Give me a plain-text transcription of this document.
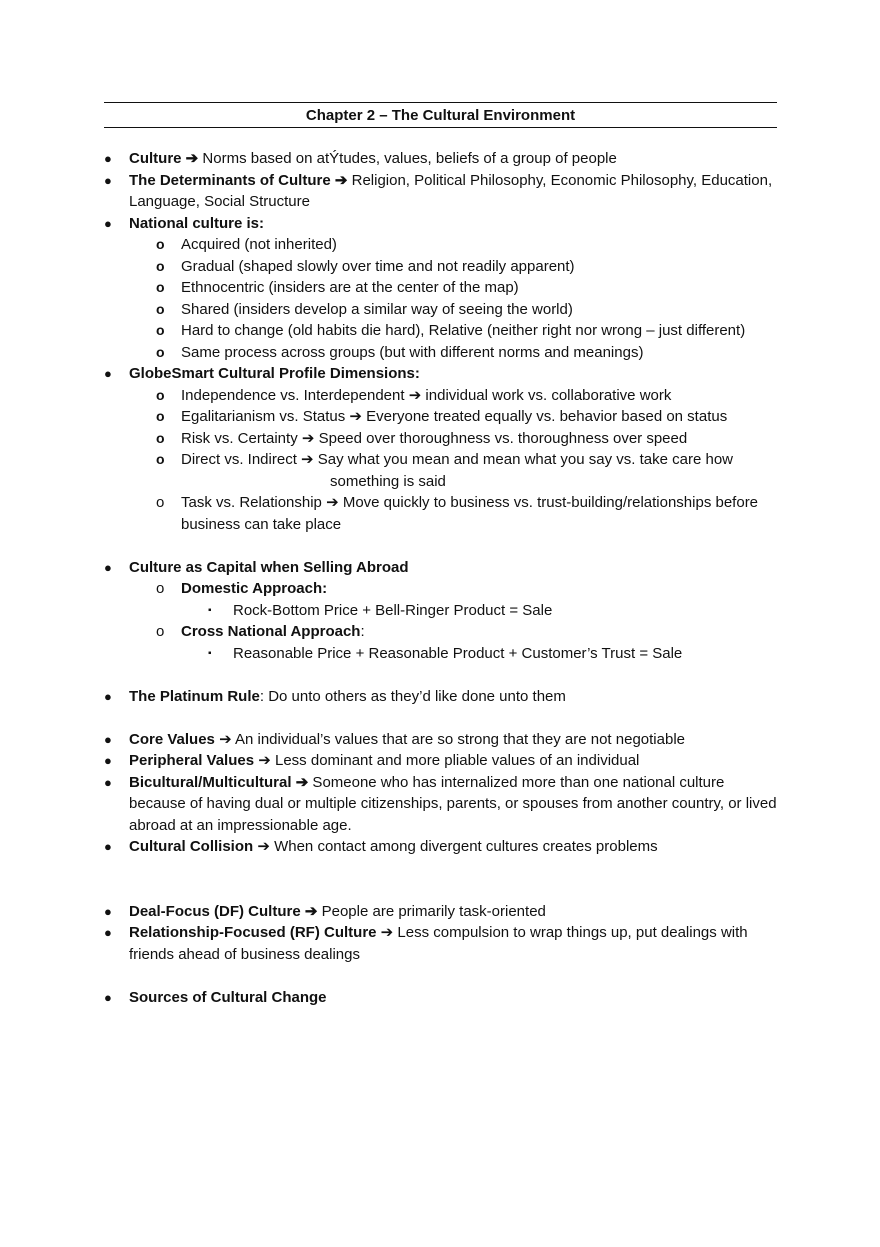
Chapter 2 – The Cultural Environment
● Culture ➔ Norms based on atÝtudes, values, beliefs of a group of people
● The Determinants of Culture ➔ Religion, Political Philosophy, Economic Philosophy, Education, Language, Social Structure
● National culture is:
o Acquired (not inherited)
o Gradual (shaped slowly over time and not readily apparent)
o Ethnocentric (insiders are at the center of the map)
o Shared (insiders develop a similar way of seeing the world)
o Hard to change (old habits die hard), Relative (neither right nor wrong – just different)
o Same process across groups (but with different norms and meanings)
● GlobeSmart Cultural Profile Dimensions:
o Independence vs. Interdependent ➔ individual work vs. collaborative work
o Egalitarianism vs. Status ➔ Everyone treated equally vs. behavior based on status
o Risk vs. Certainty ➔ Speed over thoroughness vs. thoroughness over speed
o Direct vs. Indirect ➔ Say what you mean and mean what you say vs. take care how
something is said
o Task vs. Relationship ➔ Move quickly to business vs. trust-building/relationships before business can take place
● Culture as Capital when Selling Abroad
o Domestic Approach:
▪ Rock-Bottom Price + Bell-Ringer Product = Sale
o Cross National Approach:
▪ Reasonable Price + Reasonable Product + Customer’s Trust = Sale
● The Platinum Rule: Do unto others as they’d like done unto them
● Core Values ➔ An individual’s values that are so strong that they are not negotiable
● Peripheral Values ➔ Less dominant and more pliable values of an individual
● Bicultural/Multicultural ➔ Someone who has internalized more than one national culture because of having dual or multiple citizenships, parents, or spouses from another country, or lived abroad at an impressionable age.
● Cultural Collision ➔ When contact among divergent cultures creates problems
● Deal-Focus (DF) Culture ➔ People are primarily task-oriented
● Relationship-Focused (RF) Culture ➔ Less compulsion to wrap things up, put dealings with friends ahead of business dealings
● Sources of Cultural Change
